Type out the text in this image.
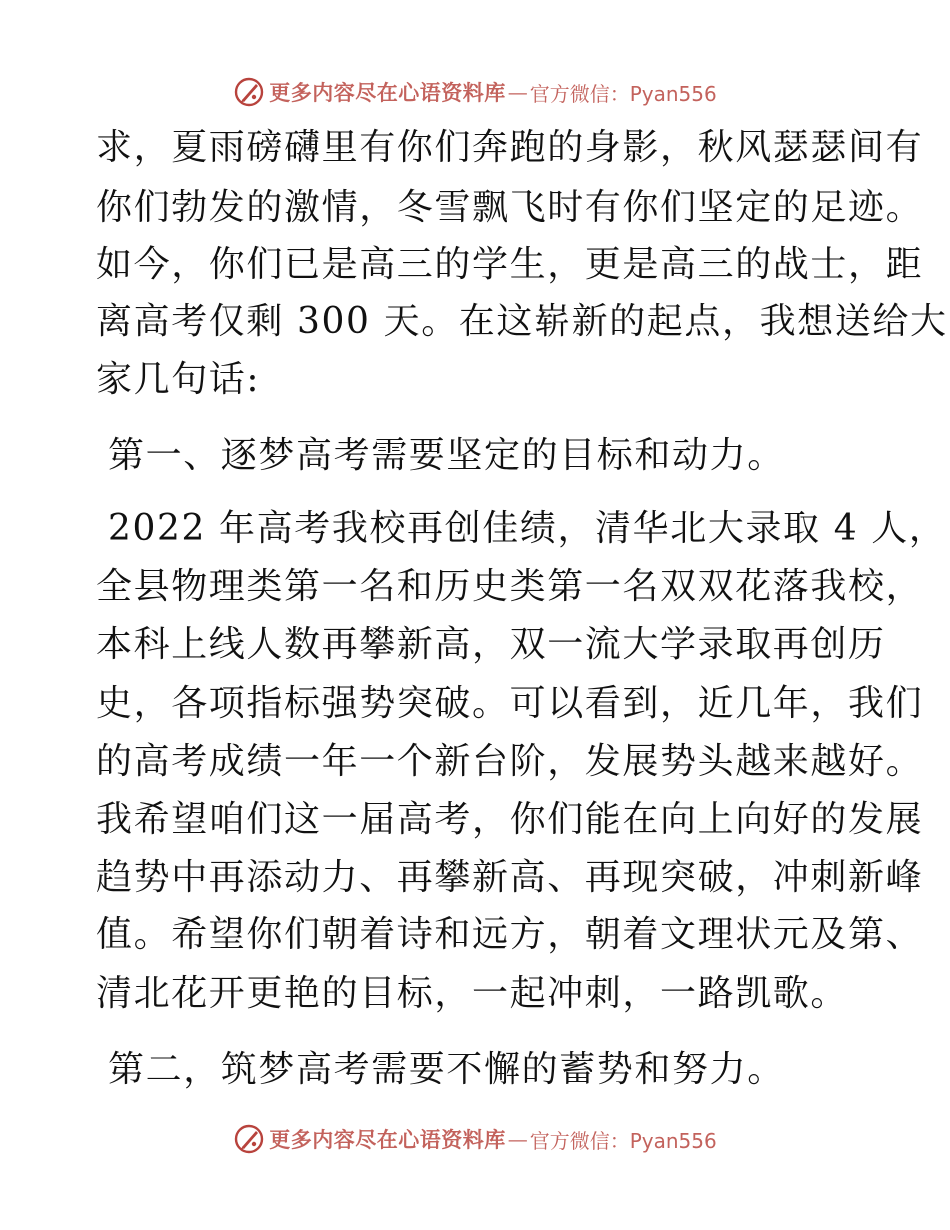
更多内容尽在心语资料库 — 官方微信：Pyan556
求，夏雨磅礴里有你们奔跑的身影，秋风瑟瑟间有
你们勃发的激情，冬雪飘飞时有你们坚定的足迹。
如今，你们已是高三的学生，更是高三的战士，距
离高考仅剩 300 天。在这崭新的起点，我想送给大
家几句话:
第一、逐梦高考需要坚定的目标和动力。
2022 年高考我校再创佳绩，清华北大录取 4 人，
全县物理类第一名和历史类第一名双双花落我校，
本科上线人数再攀新高，双一流大学录取再创历
史，各项指标强势突破。可以看到，近几年，我们
的高考成绩一年一个新台阶，发展势头越来越好。
我希望咱们这一届高考，你们能在向上向好的发展
趋势中再添动力、再攀新高、再现突破，冲刺新峰
值。希望你们朝着诗和远方，朝着文理状元及第、
清北花开更艳的目标，一起冲刺，一路凯歌。
第二，筑梦高考需要不懈的蓄势和努力。
更多内容尽在心语资料库 — 官方微信：Pyan556
